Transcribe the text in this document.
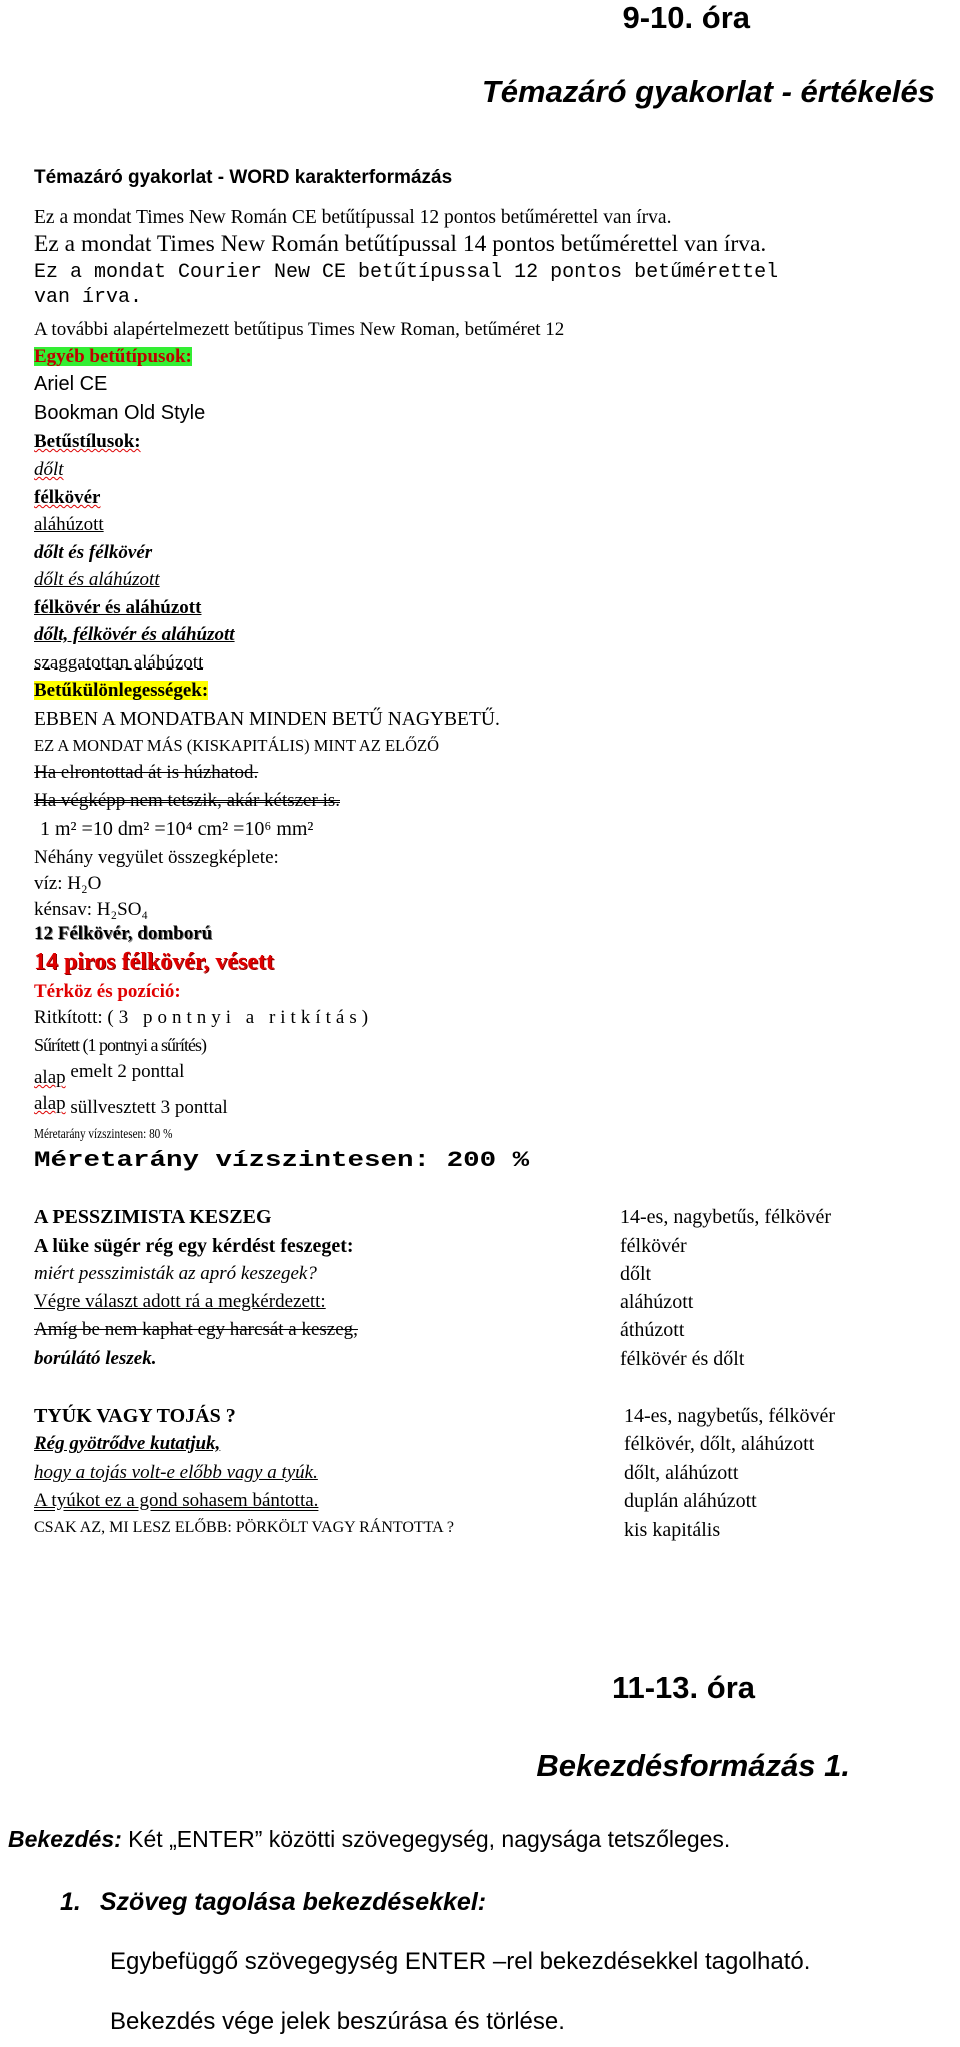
9-10. óra
Témazáró gyakorlat - értékelés
Témazáró gyakorlat - WORD karakterformázás
Ez a mondat Times New Román CE betűtípussal 12 pontos betűmérettel van írva.
Ez a mondat Times New Román betűtípussal 14 pontos betűmérettel van írva.
Ez a mondat Courier New CE betűtípussal 12 pontos betűmérettel
van írva.
A további alapértelmezett betűtipus Times New Roman, betűméret 12
Egyéb betűtípusok:
Ariel CE
Bookman Old Style
Betűstílusok:
dőlt
félkövér
aláhúzott
dőlt és félkövér
dőlt és aláhúzott
félkövér és aláhúzott
dőlt, félkövér és aláhúzott
szaggatottan aláhúzott
Betűkülönlegességek:
EBBEN A MONDATBAN MINDEN BETŰ NAGYBETŰ.
EZ A MONDAT MÁS (KISKAPITÁLIS) MINT AZ ELŐZŐ
Ha elrontottad át is húzhatod.
Ha végképp nem tetszik, akár kétszer is.
1 m² =10 dm² =10⁴ cm² =10⁶ mm²
Néhány vegyület összegképlete:
víz: H₂O
kénsav: H₂SO₄
12 Félkövér, domború
14 piros félkövér, vésett
Térköz és pozíció:
Ritkított: (3 pontnyi a ritkítás)
Sűrített (1 pontnyi a sűrítés)
alap emelt 2 ponttal
alap süllvesztett 3 ponttal
Méretarány vízszintesen: 80 %
Méretarány vízszintesen: 200 %
A PESSZIMISTA KESZEG	14-es, nagybetűs, félkövér
A lüke sügér rég egy kérdést feszeget:	félkövér
miért pesszimisták az apró keszegek?	dőlt
Végre választ adott rá a megkérdezett:	aláhúzott
Amíg be nem kaphat egy harcsát a keszeg,	áthúzott
borúlátó leszek.	félkövér és dőlt
TYÚK VAGY TOJÁS ?	14-es, nagybetűs, félkövér
Rég gyötrődve kutatjuk,	félkövér, dőlt, aláhúzott
hogy a tojás volt-e előbb vagy a tyúk.	dőlt, aláhúzott
A tyúkot ez a gond sohasem bántotta.	duplán aláhúzott
CSAK AZ, MI LESZ ELŐBB: PÖRKÖLT VAGY RÁNTOTTA ?	kis kapitális
11-13. óra
Bekezdésformázás 1.
Bekezdés: Két „ENTER” közötti szövegegység, nagysága tetszőleges.
1. Szöveg tagolása bekezdésekkel:
Egybefüggő szövegegység ENTER –rel bekezdésekkel tagolható.
Bekezdés vége jelek beszúrása és törlése.
